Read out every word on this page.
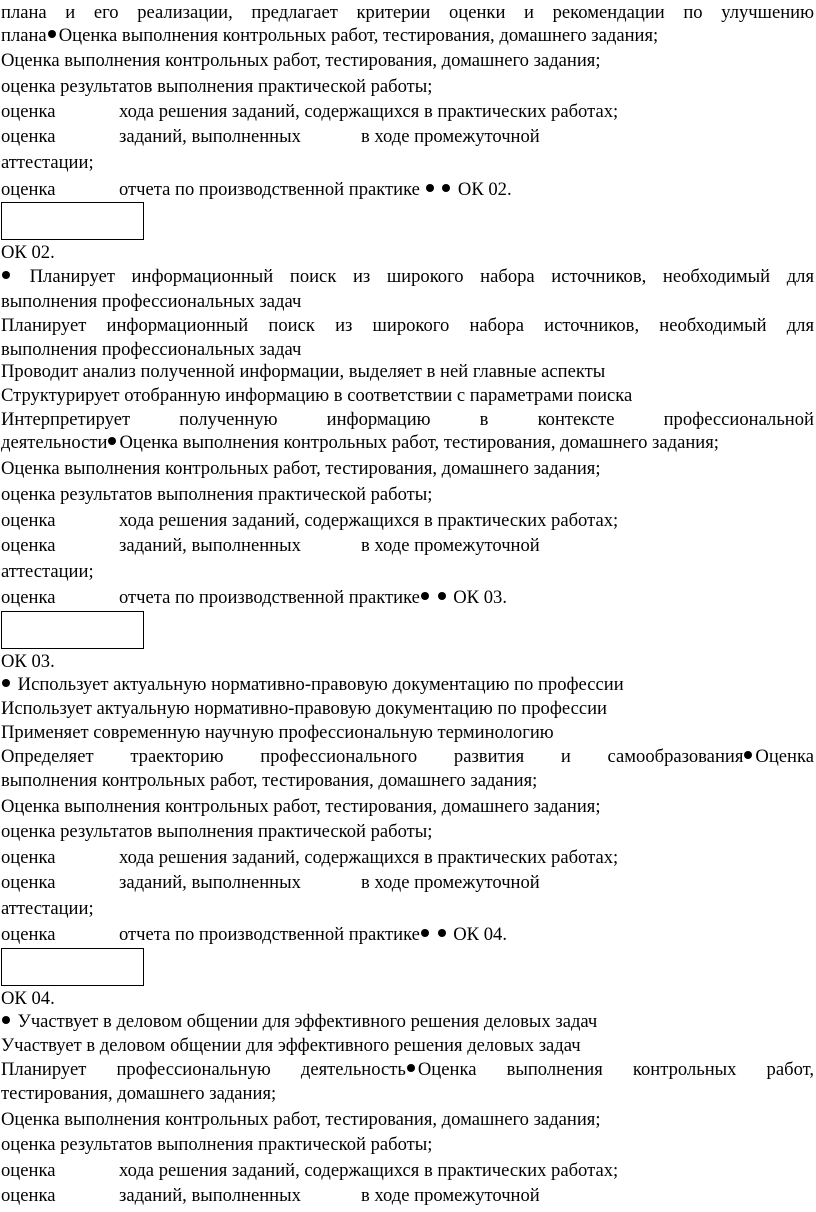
плана и его реализации, предлагает критерии оценки и рекомендации по улучшению
плана Оценка выполнения контрольных работ, тестирования, домашнего задания;
Оценка выполнения контрольных работ, тестирования, домашнего задания;
оценка результатов выполнения практической работы;
оценка	хода решения заданий, содержащихся в практических работах;
оценка	заданий, выполненных	в ходе промежуточной
аттестации;
оценка	отчета по производственной практике ОК 02.
ОК 02.
Планирует информационный поиск из широкого набора источников, необходимый для
выполнения профессиональных задач
Планирует информационный поиск из широкого набора источников, необходимый для
выполнения профессиональных задач
Проводит анализ полученной информации, выделяет в ней главные аспекты
Структурирует отобранную информацию в соответствии с параметрами поиска
Интерпретирует полученную информацию в контексте профессиональной
деятельности Оценка выполнения контрольных работ, тестирования, домашнего задания;
Оценка выполнения контрольных работ, тестирования, домашнего задания;
оценка результатов выполнения практической работы;
оценка	хода решения заданий, содержащихся в практических работах;
оценка	заданий, выполненных	в ходе промежуточной
аттестации;
оценка	отчета по производственной практике ОК 03.
ОК 03.
Использует актуальную нормативно-правовую документацию по профессии
Использует актуальную нормативно-правовую документацию по профессии
Применяет современную научную профессиональную терминологию
Определяет траекторию профессионального развития и самообразования Оценка
выполнения контрольных работ, тестирования, домашнего задания;
Оценка выполнения контрольных работ, тестирования, домашнего задания;
оценка результатов выполнения практической работы;
оценка	хода решения заданий, содержащихся в практических работах;
оценка	заданий, выполненных	в ходе промежуточной
аттестации;
оценка	отчета по производственной практике ОК 04.
ОК 04.
Участвует в деловом общении для эффективного решения деловых задач
Участвует в деловом общении для эффективного решения деловых задач
Планирует профессиональную деятельность Оценка выполнения контрольных работ,
тестирования, домашнего задания;
Оценка выполнения контрольных работ, тестирования, домашнего задания;
оценка результатов выполнения практической работы;
оценка	хода решения заданий, содержащихся в практических работах;
оценка	заданий, выполненных	в ходе промежуточной
